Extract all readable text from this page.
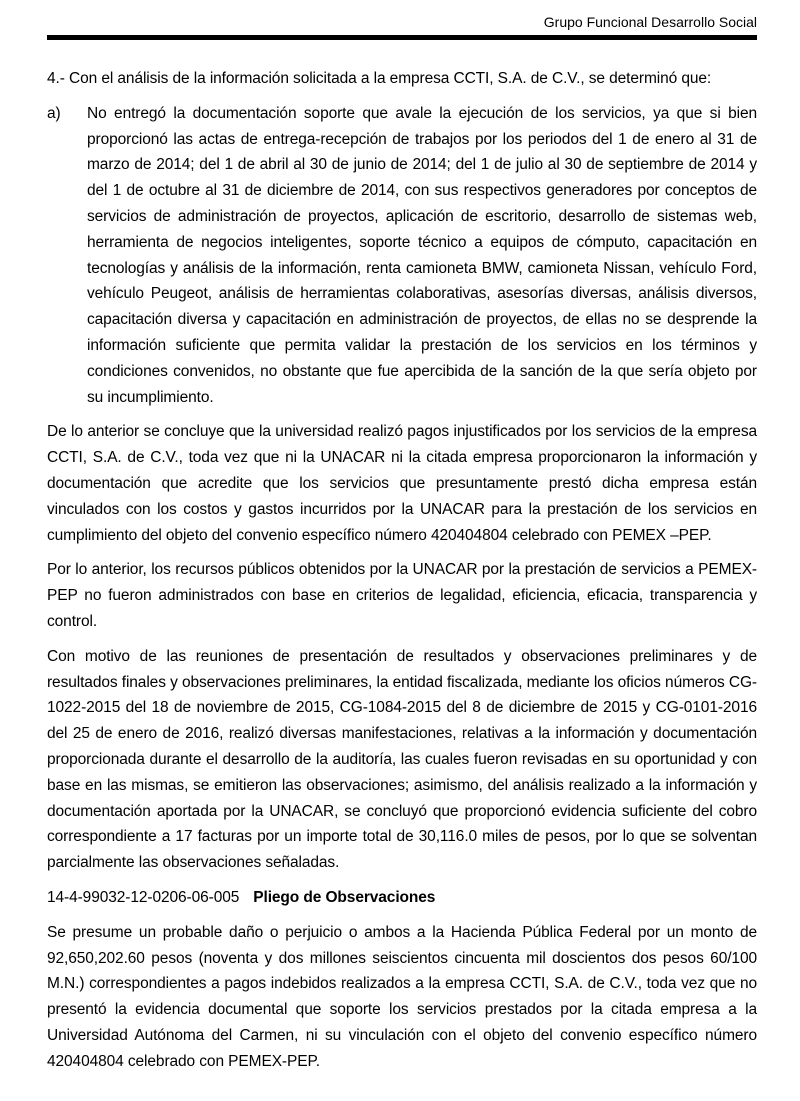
Grupo Funcional Desarrollo Social

4.- Con el análisis de la información solicitada a la empresa CCTI, S.A. de C.V., se determinó que:

a)	No entregó la documentación soporte que avale la ejecución de los servicios, ya que si bien proporcionó las actas de entrega-recepción de trabajos por los periodos del 1 de enero al 31 de marzo de 2014; del 1 de abril al 30 de junio de 2014; del 1 de julio al 30 de septiembre de 2014 y del 1 de octubre al 31 de diciembre de 2014, con sus respectivos generadores por conceptos de servicios de administración de proyectos, aplicación de escritorio, desarrollo de sistemas web, herramienta de negocios inteligentes, soporte técnico a equipos de cómputo, capacitación en tecnologías y análisis de la información, renta camioneta BMW, camioneta Nissan, vehículo Ford, vehículo Peugeot, análisis de herramientas colaborativas, asesorías diversas, análisis diversos, capacitación diversa y capacitación en administración de proyectos, de ellas no se desprende la información suficiente que permita validar la prestación de los servicios en los términos y condiciones convenidos, no obstante que fue apercibida de la sanción de la que sería objeto por su incumplimiento.

De lo anterior se concluye que la universidad realizó pagos injustificados por los servicios de la empresa CCTI, S.A. de C.V., toda vez que ni la UNACAR ni la citada empresa proporcionaron la información y documentación que acredite que los servicios que presuntamente prestó dicha empresa están vinculados con los costos y gastos incurridos por la UNACAR para la prestación de los servicios en cumplimiento del objeto del convenio específico número 420404804 celebrado con PEMEX –PEP.

Por lo anterior, los recursos públicos obtenidos por la UNACAR por la prestación de servicios a PEMEX-PEP no fueron administrados con base en criterios de legalidad, eficiencia, eficacia, transparencia y control.

Con motivo de las reuniones de presentación de resultados y observaciones preliminares y de resultados finales y observaciones preliminares, la entidad fiscalizada, mediante los oficios números CG-1022-2015 del 18 de noviembre de 2015, CG-1084-2015 del 8 de diciembre de 2015 y CG-0101-2016 del 25 de enero de 2016, realizó diversas manifestaciones, relativas a la información y documentación proporcionada durante el desarrollo de la auditoría, las cuales fueron revisadas en su oportunidad y con base en las mismas, se emitieron las observaciones; asimismo, del análisis realizado a la información y documentación aportada por la UNACAR, se concluyó que proporcionó evidencia suficiente del cobro correspondiente a 17 facturas por un importe total de 30,116.0 miles de pesos, por lo que se solventan parcialmente las observaciones señaladas.

14-4-99032-12-0206-06-005 Pliego de Observaciones

Se presume un probable daño o perjuicio o ambos a la Hacienda Pública Federal por un monto de 92,650,202.60 pesos (noventa y dos millones seiscientos cincuenta mil doscientos dos pesos 60/100 M.N.) correspondientes a pagos indebidos realizados a la empresa CCTI, S.A. de C.V., toda vez que no presentó la evidencia documental que soporte los servicios prestados por la citada empresa a la Universidad Autónoma del Carmen, ni su vinculación con el objeto del convenio específico número 420404804 celebrado con PEMEX-PEP.
